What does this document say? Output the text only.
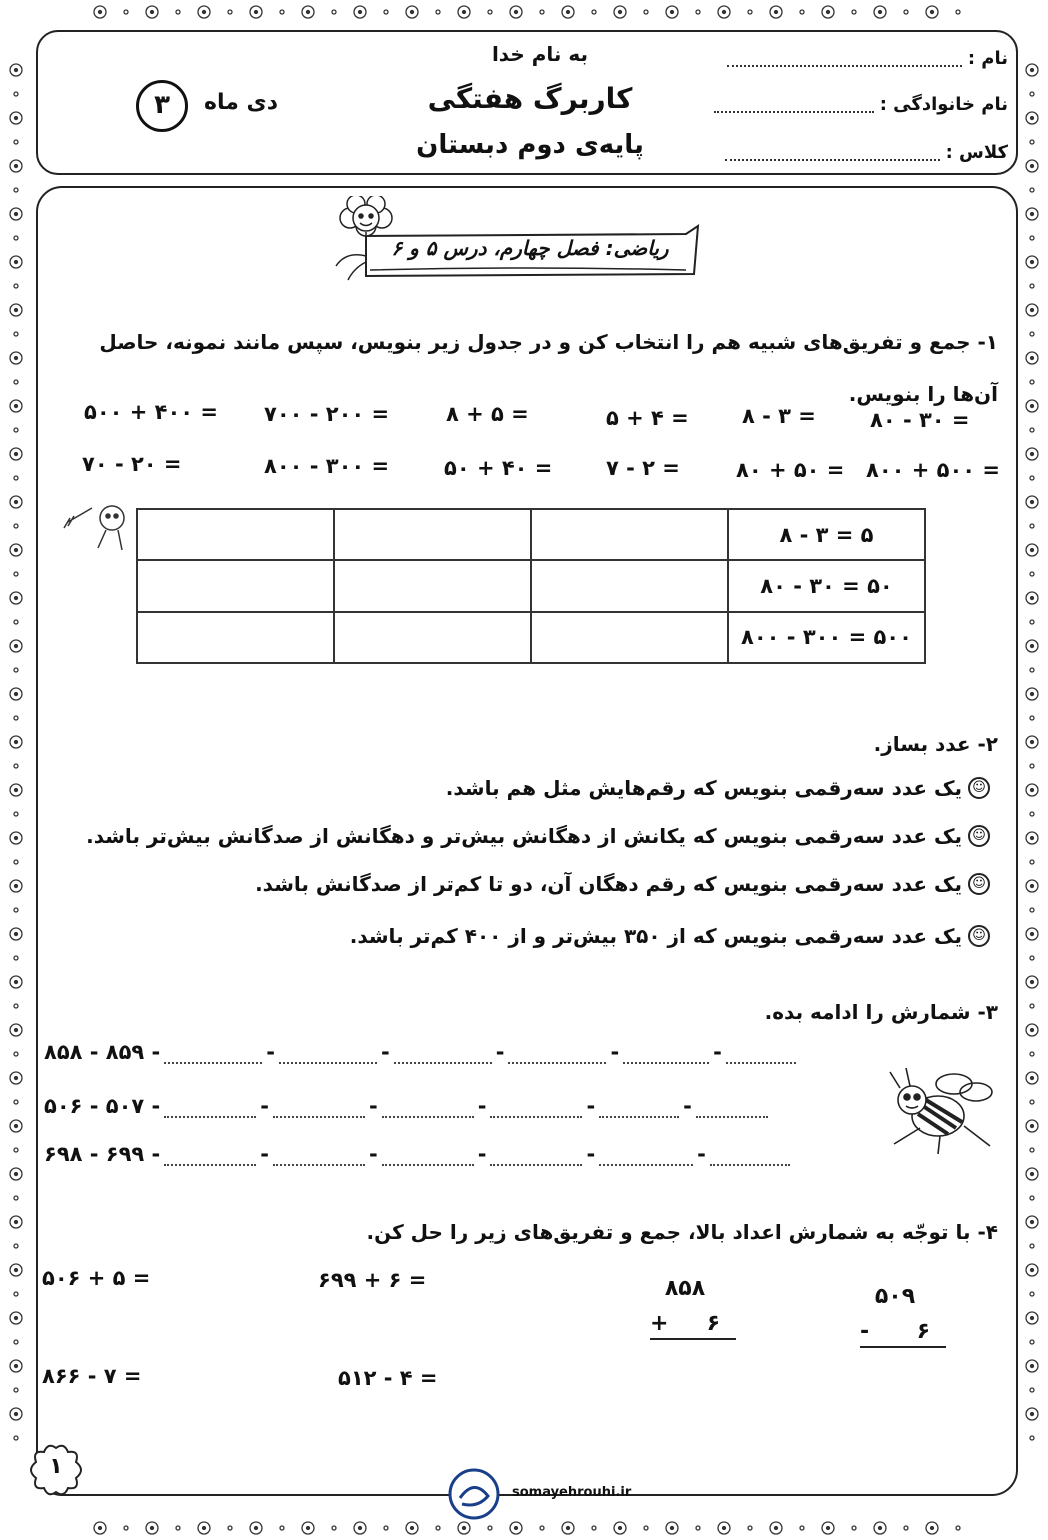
نام :
نام خانوادگی :
کلاس :
به نام خدا
کاربرگ هفتگی
پایه‌ی دوم دبستان
دی ماه
۳
ریاضی: فصل چهارم، درس ۵ و ۶
۱- جمع و تفریق‌های شبیه هم را انتخاب کن و در جدول زیر بنویس، سپس مانند نمونه، حاصل آن‌ها را بنویس.
۸۰ - ۳۰ =
۸ - ۳ =
۵ + ۴ =
۸ + ۵ =
۷۰۰ - ۲۰۰ =
۵۰۰ + ۴۰۰ =
۸۰۰ + ۵۰۰ =
۸۰ + ۵۰ =
۷ - ۲ =
۵۰ + ۴۰ =
۸۰۰ - ۳۰۰ =
۷۰ - ۲۰ =
			۸ - ۳ = ۵
			۸۰ - ۳۰ = ۵۰
			۸۰۰ - ۳۰۰ = ۵۰۰
۲- عدد بساز.
☺
یک عدد سه‌رقمی بنویس که رقم‌هایش مثل هم باشد.
☺
یک عدد سه‌رقمی بنویس که یکانش از دهگانش بیش‌تر و دهگانش از صدگانش بیش‌تر باشد.
☺
یک عدد سه‌رقمی بنویس که رقم دهگان آن، دو تا کم‌تر از صدگانش باشد.
☺
یک عدد سه‌رقمی بنویس که از ۳۵۰ بیش‌تر و از ۴۰۰ کم‌تر باشد.
۳- شمارش را ادامه بده.
۸۵۸ - ۸۵۹ -	-	-	-	-	-
۵۰۶ - ۵۰۷ -	-	-	-	-	-
۶۹۸ - ۶۹۹ -	-	-	-	-	-
۴- با توجّه به شمارش اعداد بالا، جمع و تفریق‌های زیر را حل کن.
۵۰۶ + ۵ =	۶۹۹ + ۶ =
۸۶۶ - ۷ =	۵۱۲ - ۴ =
۸۵۸
+ ۶
۵۰۹
- ۶
۱
somayehrouhi.ir
